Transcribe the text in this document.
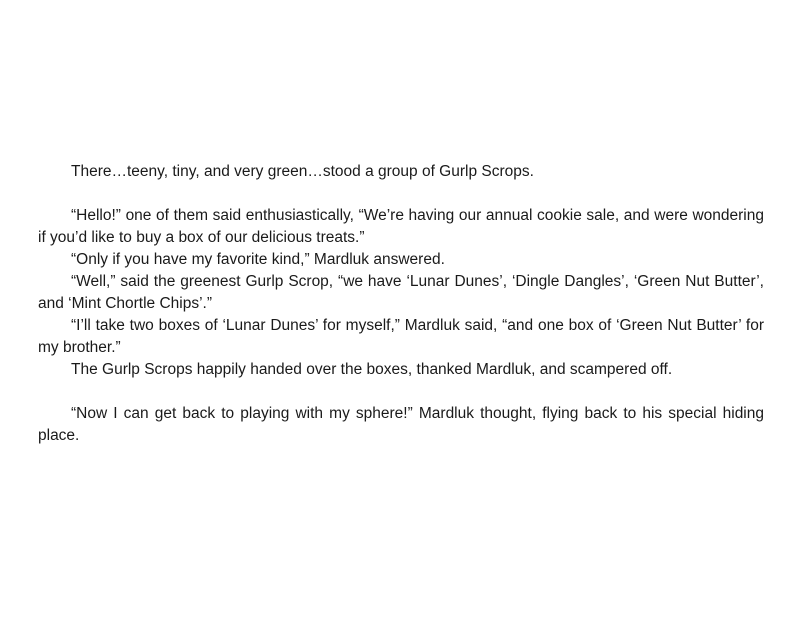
There…teeny, tiny, and very green…stood a group of Gurlp Scrops.

“Hello!” one of them said enthusiastically, “We’re having our annual cookie sale, and were wondering if you’d like to buy a box of our delicious treats.”

“Only if you have my favorite kind,” Mardluk answered.

“Well,” said the greenest Gurlp Scrop, “we have ‘Lunar Dunes’, ‘Dingle Dangles’, ‘Green Nut Butter’, and ‘Mint Chortle Chips’.”

“I’ll take two boxes of ‘Lunar Dunes’ for myself,” Mardluk said, “and one box of ‘Green Nut Butter’ for my brother.”

The Gurlp Scrops happily handed over the boxes, thanked Mardluk, and scampered off.

“Now I can get back to playing with my sphere!” Mardluk thought, flying back to his special hiding place.
